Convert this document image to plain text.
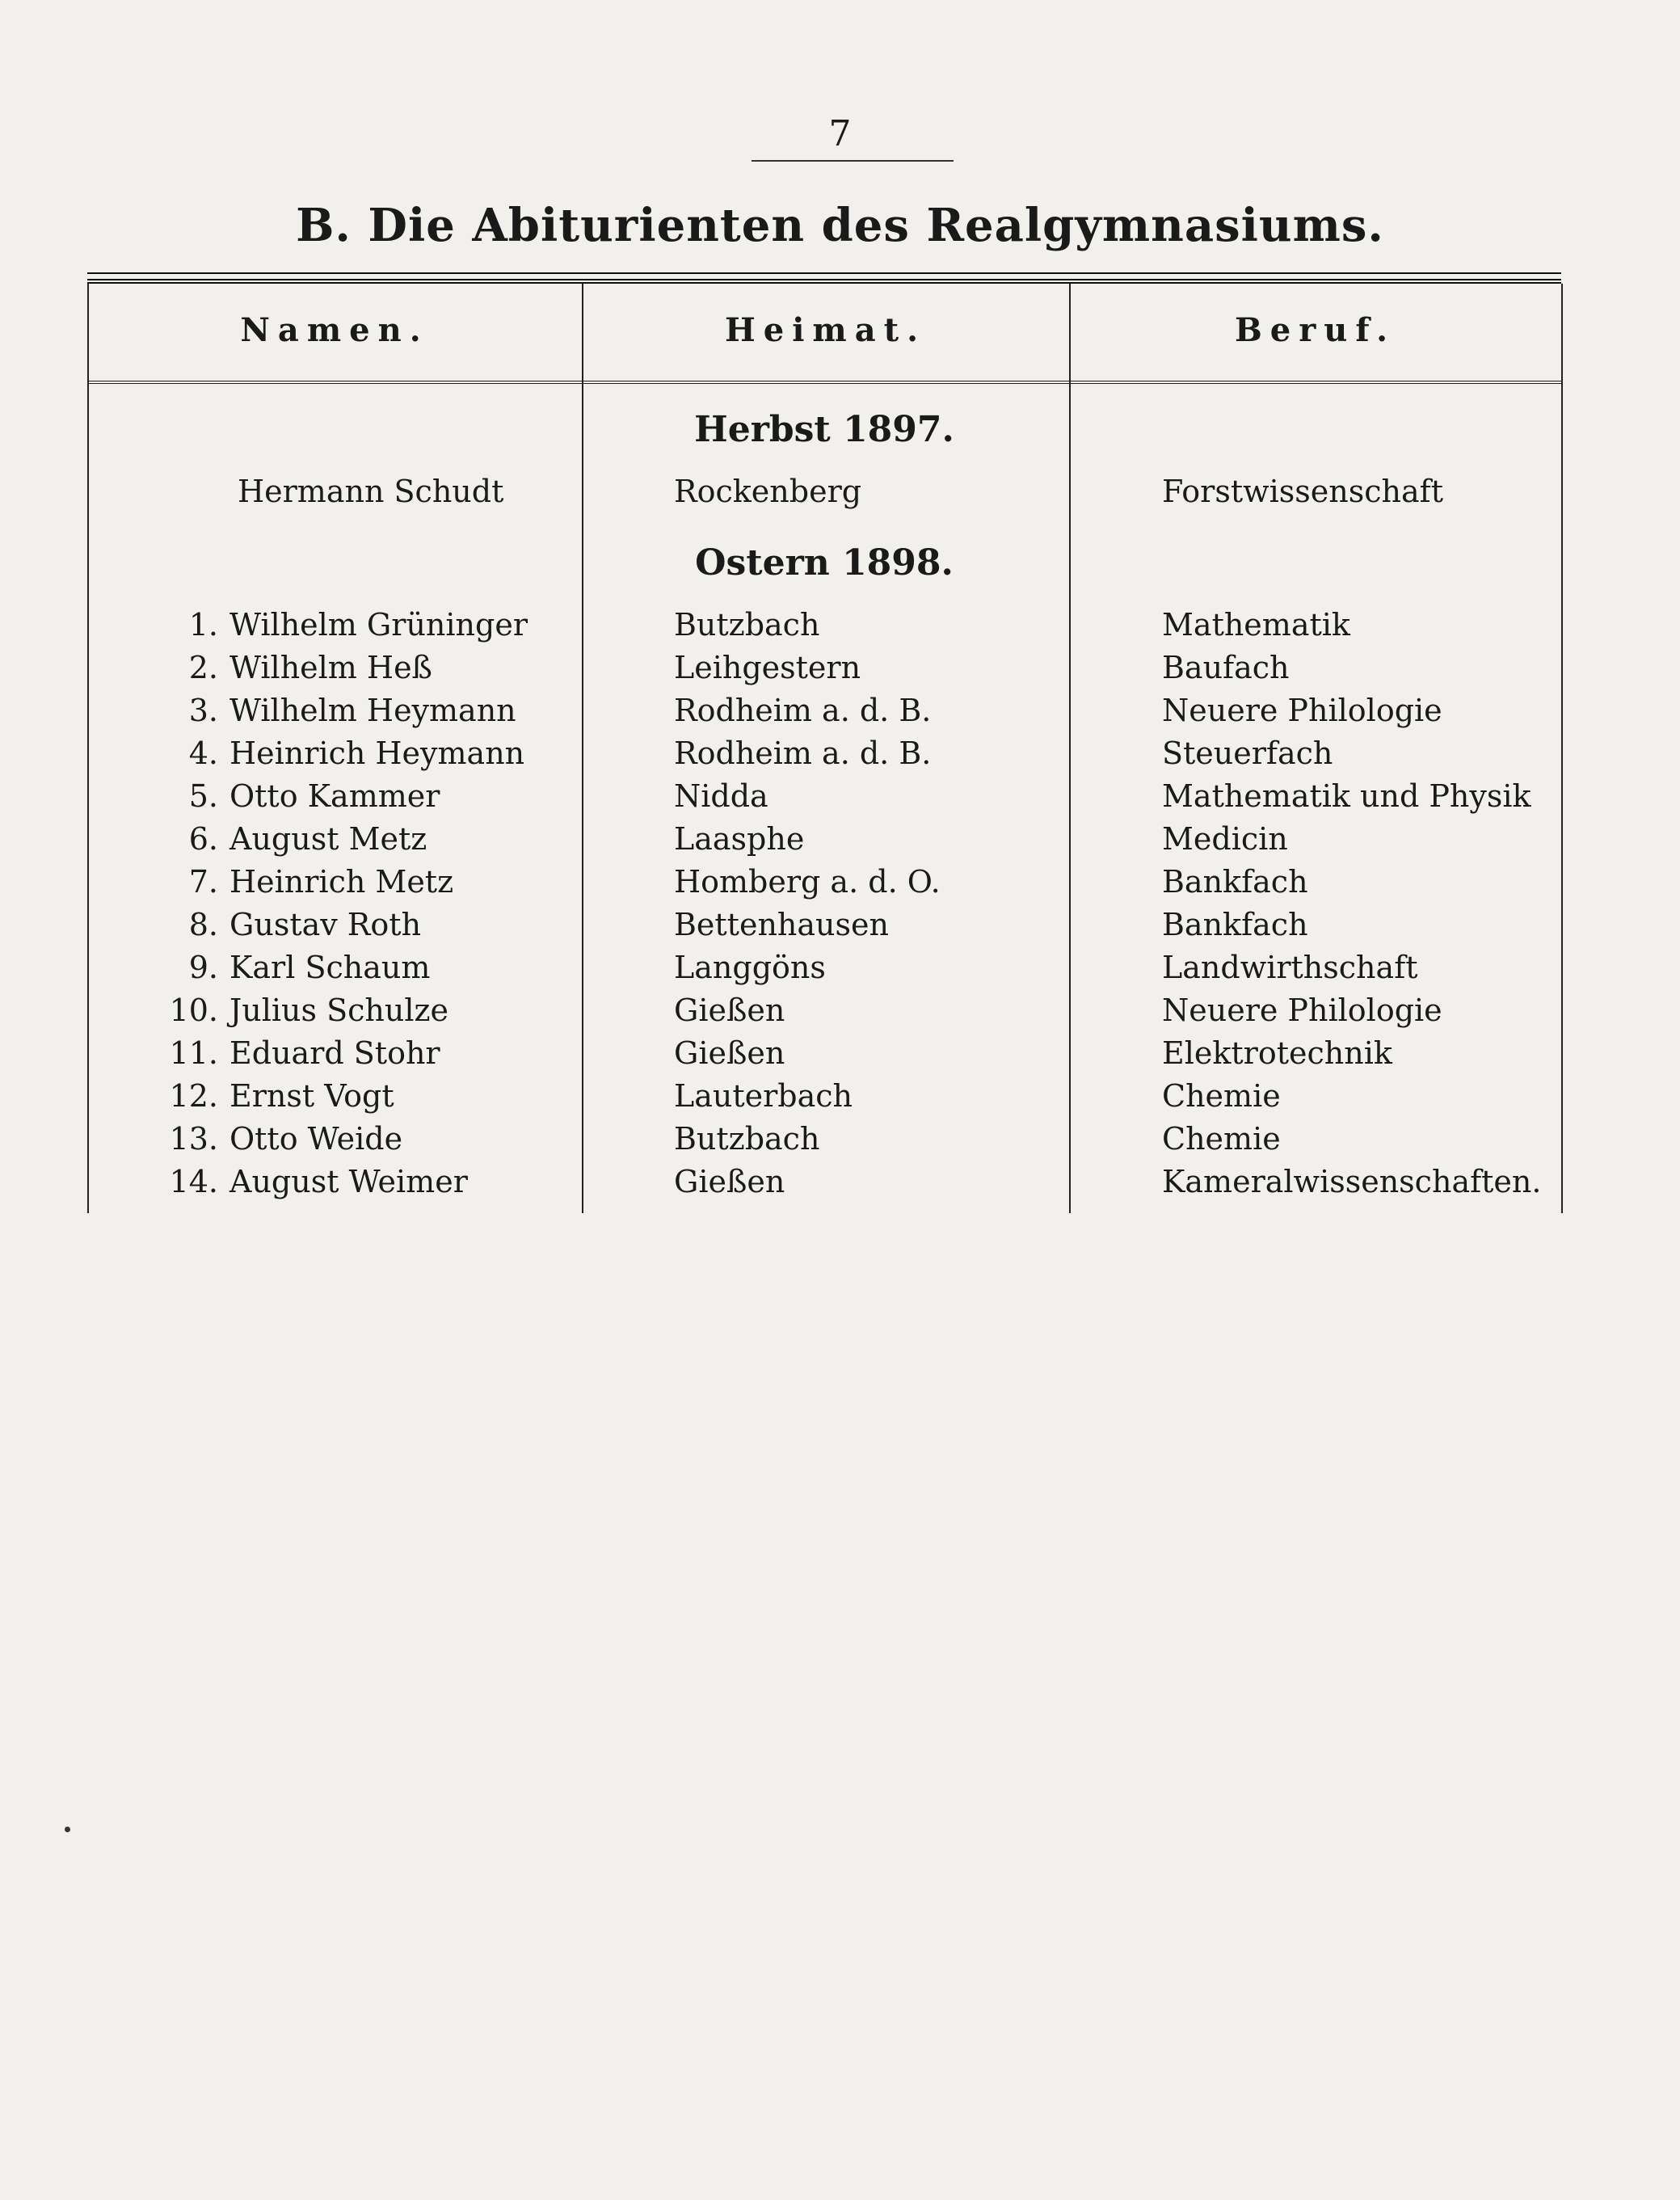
7
B. Die Abiturienten des Realgymnasiums.
Namen.	Heimat.	Beruf.
Herbst 1897.
Hermann Schudt	Rockenberg	Forstwissenschaft
Ostern 1898.
1. Wilhelm Grüninger	Butzbach	Mathematik
2. Wilhelm Heß	Leihgestern	Baufach
3. Wilhelm Heymann	Rodheim a. d. B.	Neuere Philologie
4. Heinrich Heymann	Rodheim a. d. B.	Steuerfach
5. Otto Kammer	Nidda	Mathematik und Physik
6. August Metz	Laasphe	Medicin
7. Heinrich Metz	Homberg a. d. O.	Bankfach
8. Gustav Roth	Bettenhausen	Bankfach
9. Karl Schaum	Langgöns	Landwirthschaft
10. Julius Schulze	Gießen	Neuere Philologie
11. Eduard Stohr	Gießen	Elektrotechnik
12. Ernst Vogt	Lauterbach	Chemie
13. Otto Weide	Butzbach	Chemie
14. August Weimer	Gießen	Kameralwissenschaften.
